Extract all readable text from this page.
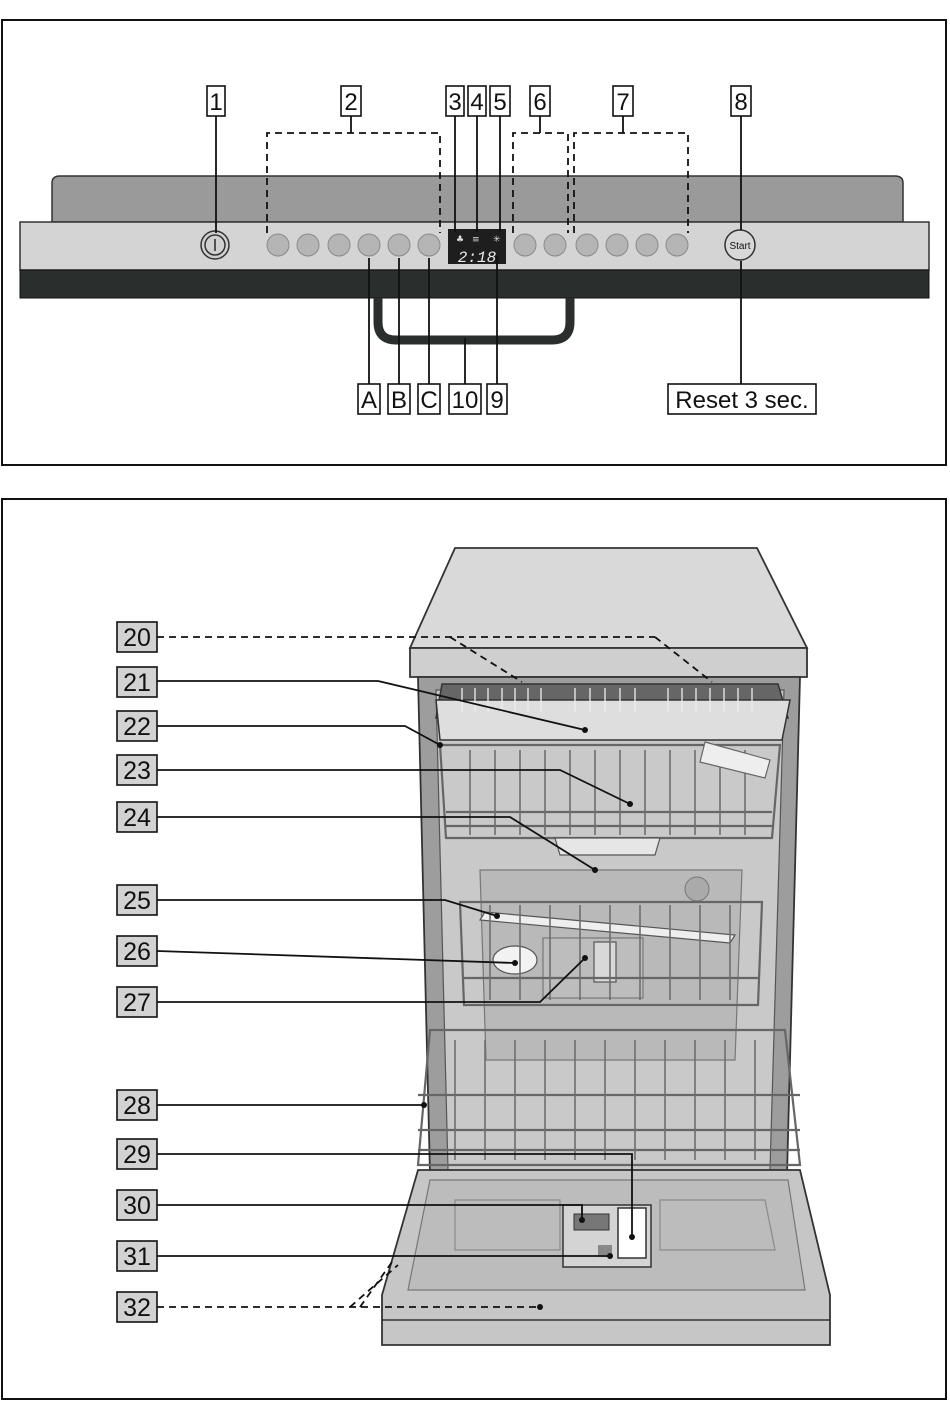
2:18
♣ ≡ ✳
Start
1	2	3 4 5 6	7	8
A B C 10 9	Reset 3 sec.
20
21
22
23
24
25
26
27
28
29
30
31
32
